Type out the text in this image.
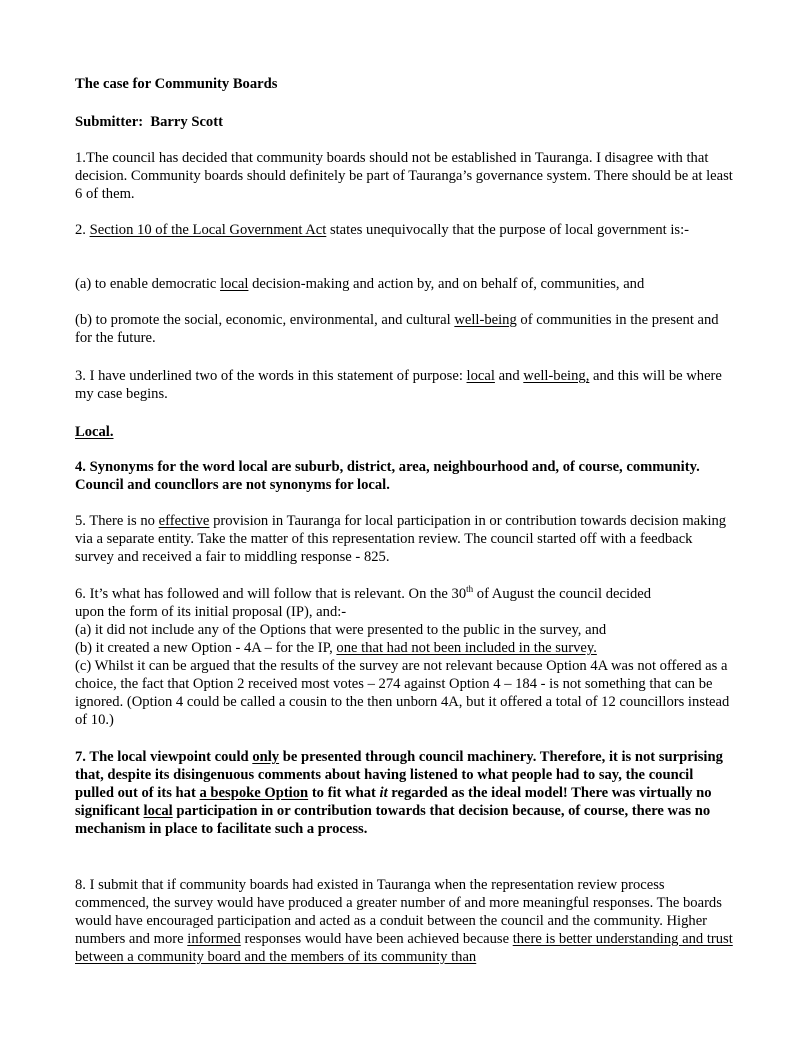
The case for Community Boards
Submitter: Barry Scott

1.The council has decided that community boards should not be established in Tauranga. I disagree with that decision. Community boards should definitely be part of Tauranga’s governance system. There should be at least 6 of them.

2. Section 10 of the Local Government Act states unequivocally that the purpose of local government is:-

(a) to enable democratic local decision-making and action by, and on behalf of, communities, and

(b) to promote the social, economic, environmental, and cultural well-being of communities in the present and for the future.

3. I have underlined two of the words in this statement of purpose: local and well-being, and this will be where my case begins.

Local.

4. Synonyms for the word local are suburb, district, area, neighbourhood and, of course, community. Council and councllors are not synonyms for local.

5. There is no effective provision in Tauranga for local participation in or contribution towards decision making via a separate entity. Take the matter of this representation review. The council started off with a feedback survey and received a fair to middling response - 825.

6. It’s what has followed and will follow that is relevant. On the 30th of August the council decided
upon the form of its initial proposal (IP), and:-
(a) it did not include any of the Options that were presented to the public in the survey, and
(b) it created a new Option - 4A – for the IP, one that had not been included in the survey.
(c) Whilst it can be argued that the results of the survey are not relevant because Option 4A was not offered as a choice, the fact that Option 2 received most votes – 274 against Option 4 – 184 - is not something that can be ignored. (Option 4 could be called a cousin to the then unborn 4A, but it offered a total of 12 councillors instead of 10.)

7. The local viewpoint could only be presented through council machinery. Therefore, it is not surprising that, despite its disingenuous comments about having listened to what people had to say, the council pulled out of its hat a bespoke Option to fit what it regarded as the ideal model! There was virtually no significant local participation in or contribution towards that decision because, of course, there was no mechanism in place to facilitate such a process.

8. I submit that if community boards had existed in Tauranga when the representation review process commenced, the survey would have produced a greater number of and more meaningful responses. The boards would have encouraged participation and acted as a conduit between the council and the community. Higher numbers and more informed responses would have been achieved because there is better understanding and trust between a community board and the members of its community than
